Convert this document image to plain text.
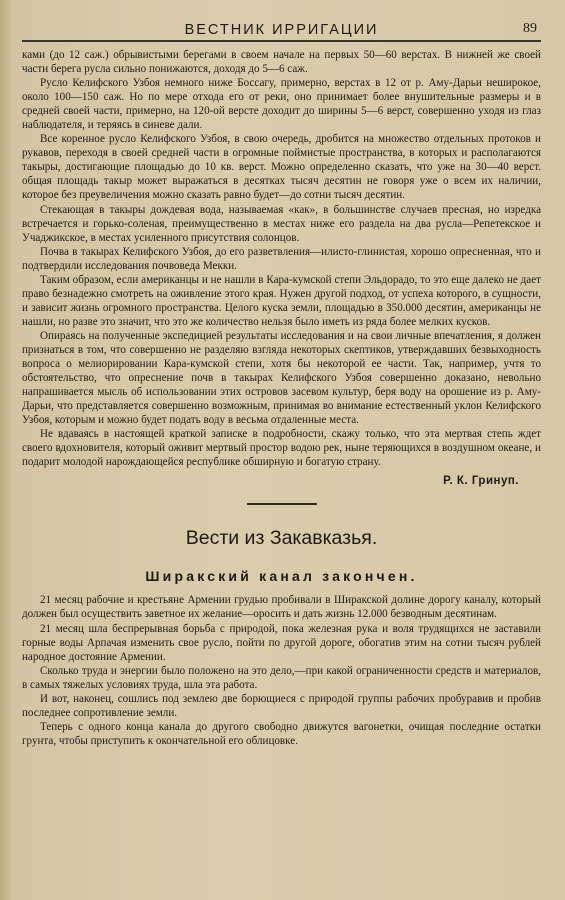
ВЕСТНИК ИРРИГАЦИИ	89

ками (до 12 саж.) обрывистыми берегами в своем начале на первых 50—60 верстах. В нижней же своей части берега русла сильно понижаются, доходя до 5—6 саж.

Русло Келифского Узбоя немного ниже Боссагу, примерно, верстах в 12 от р. Аму-Дарьи неширокое, около 100—150 саж. Но по мере отхода его от реки, оно принимает более внушительные размеры и в средней своей части, примерно, на 120-ой версте доходит до ширины 5—6 верст, совершенно уходя из глаз наблюдателя, и теряясь в синеве дали.

Все коренное русло Келифского Узбоя, в свою очередь, дробится на множество отдельных протоков и рукавов, переходя в своей средней части в огромные поймистые пространства, в которых и располагаются такыры, достигающие площадью до 10 кв. верст. Можно определенно сказать, что уже на 30—40 верст. общая площадь такыр может выражаться в десятках тысяч десятин не говоря уже о всем их наличии, которое без преувеличения можно сказать равно будет—до сотни тысяч десятин.

Стекающая в такыры дождевая вода, называемая «как», в большинстве случаев пресная, но изредка встречается и горько-соленая, преимущественно в местах ниже его раздела на два русла—Репетекское и Учаджикское, в местах усиленного присутствия солонцов.

Почва в такырах Келифского Узбоя, до его разветвления—илисто-глинистая, хорошо опресненная, что и подтвердили исследования почвоведа Мекки.

Таким образом, если американцы и не нашли в Кара-кумской степи Эльдорадо, то это еще далеко не дает право безнадежно смотреть на оживление этого края. Нужен другой подход, от успеха которого, в сущности, и зависит жизнь огромного пространства. Целого куска земли, площадью в 350.000 десятин, американцы не нашли, но разве это значит, что это же количество нельзя было иметь из ряда более мелких кусков.

Опираясь на полученные экспедицией результаты исследования и на свои личные впечатления, я должен признаться в том, что совершенно не разделяю взгляда некоторых скептиков, утверждавших безвыходность вопроса о мелиорировании Кара-кумской степи, хотя бы некоторой ее части. Так, например, учтя то обстоятельство, что опреснение почв в такырах Келифского Узбоя совершенно доказано, невольно напрашивается мысль об использовании этих островов засевом культур, беря воду на орошение из р. Аму-Дарьи, что представляется совершенно возможным, принимая во внимание естественный уклон Келифского Узбоя, которым и можно будет подать воду в весьма отдаленные места.

Не вдаваясь в настоящей краткой записке в подробности, скажу только, что эта мертвая степь ждет своего вдохновителя, который оживит мертвый простор водою рек, ныне теряющихся в воздушном океане, и подарит молодой нарождающейся республике обширную и богатую страну.

Р. К. Гринуп.
Вести из Закавказья.
Ширакский канал закончен.

21 месяц рабочие и крестьяне Армении грудью пробивали в Ширакской долине дорогу каналу, который должен был осуществить заветное их желание—оросить и дать жизнь 12.000 безводным десятинам.

21 месяц шла беспрерывная борьба с природой, пока железная рука и воля трудящихся не заставили горные воды Арпачая изменить свое русло, пойти по другой дороге, обогатив этим на сотни тысяч рублей народное достояние Армении.

Сколько труда и энергии было положено на это дело,—при какой ограниченности средств и материалов, в самых тяжелых условиях труда, шла эта работа.

И вот, наконец, сошлись под землею две борющиеся с природой группы рабочих пробуравив и пробив последнее сопротивление земли.

Теперь с одного конца канала до другого свободно движутся вагонетки, очищая последние остатки грунта, чтобы приступить к окончательной его облицовке.
